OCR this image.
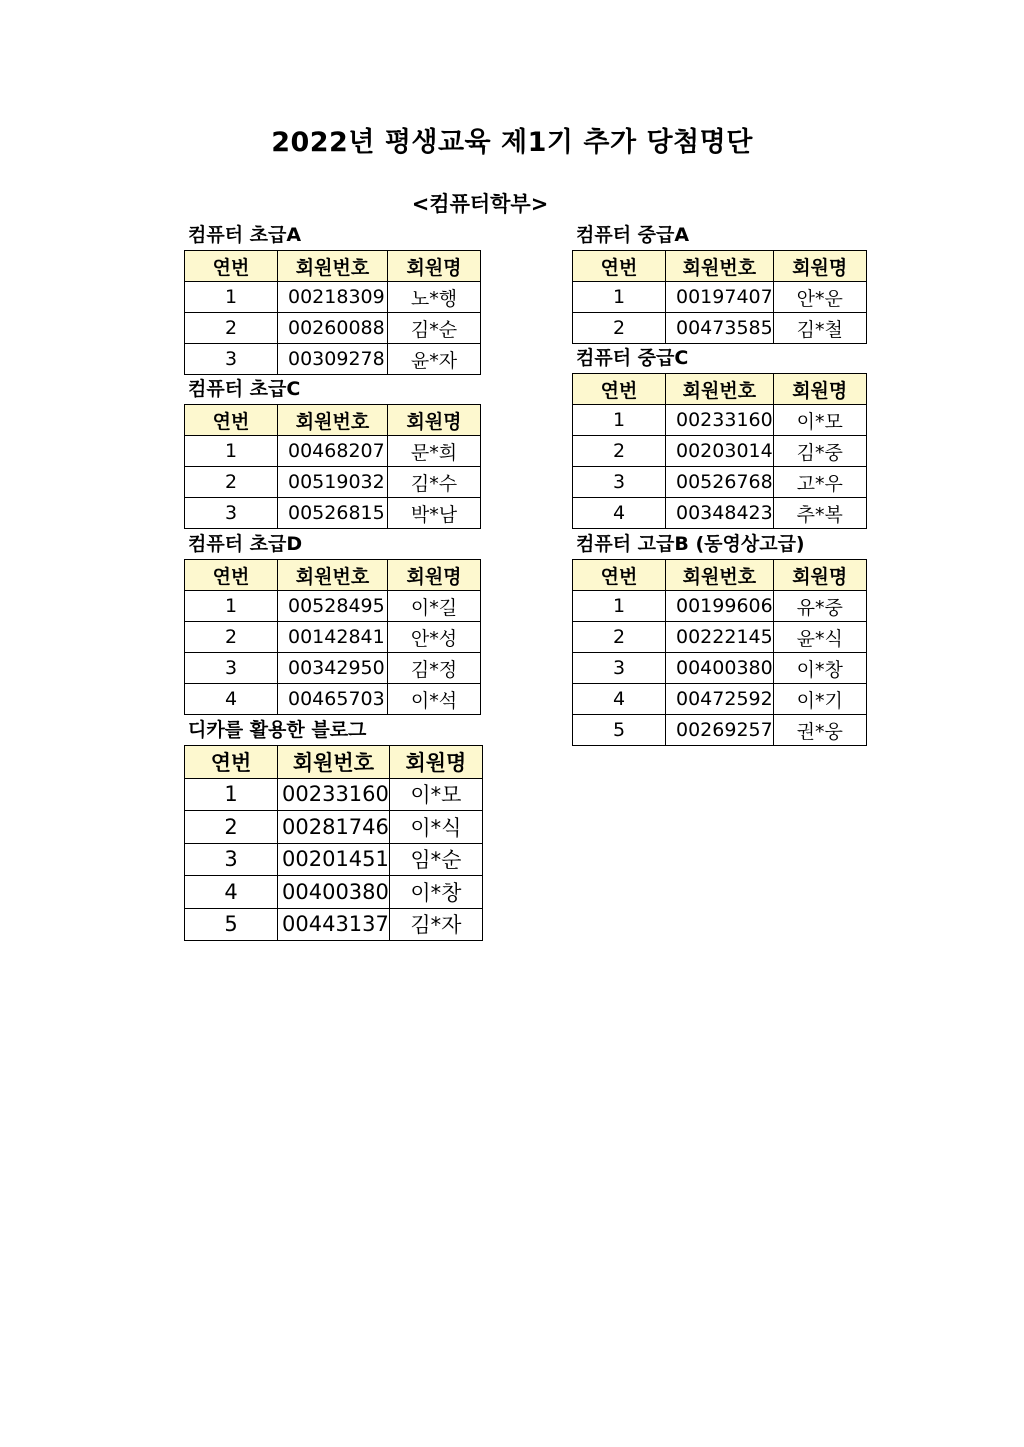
2022년 평생교육 제1기 추가 당첨명단
<컴퓨터학부>
컴퓨터 초급A
연번	회원번호	회원명
1	00218309	노*행
2	00260088	김*순
3	00309278	윤*자
컴퓨터 초급C
연번	회원번호	회원명
1	00468207	문*희
2	00519032	김*수
3	00526815	박*남
컴퓨터 초급D
연번	회원번호	회원명
1	00528495	이*길
2	00142841	안*성
3	00342950	김*정
4	00465703	이*석
디카를 활용한 블로그
연번	회원번호	회원명
1	00233160	이*모
2	00281746	이*식
3	00201451	임*순
4	00400380	이*창
5	00443137	김*자
컴퓨터 중급A
연번	회원번호	회원명
1	00197407	안*운
2	00473585	김*철
컴퓨터 중급C
연번	회원번호	회원명
1	00233160	이*모
2	00203014	김*중
3	00526768	고*우
4	00348423	추*복
컴퓨터 고급B (동영상고급)
연번	회원번호	회원명
1	00199606	유*중
2	00222145	윤*식
3	00400380	이*창
4	00472592	이*기
5	00269257	권*웅
